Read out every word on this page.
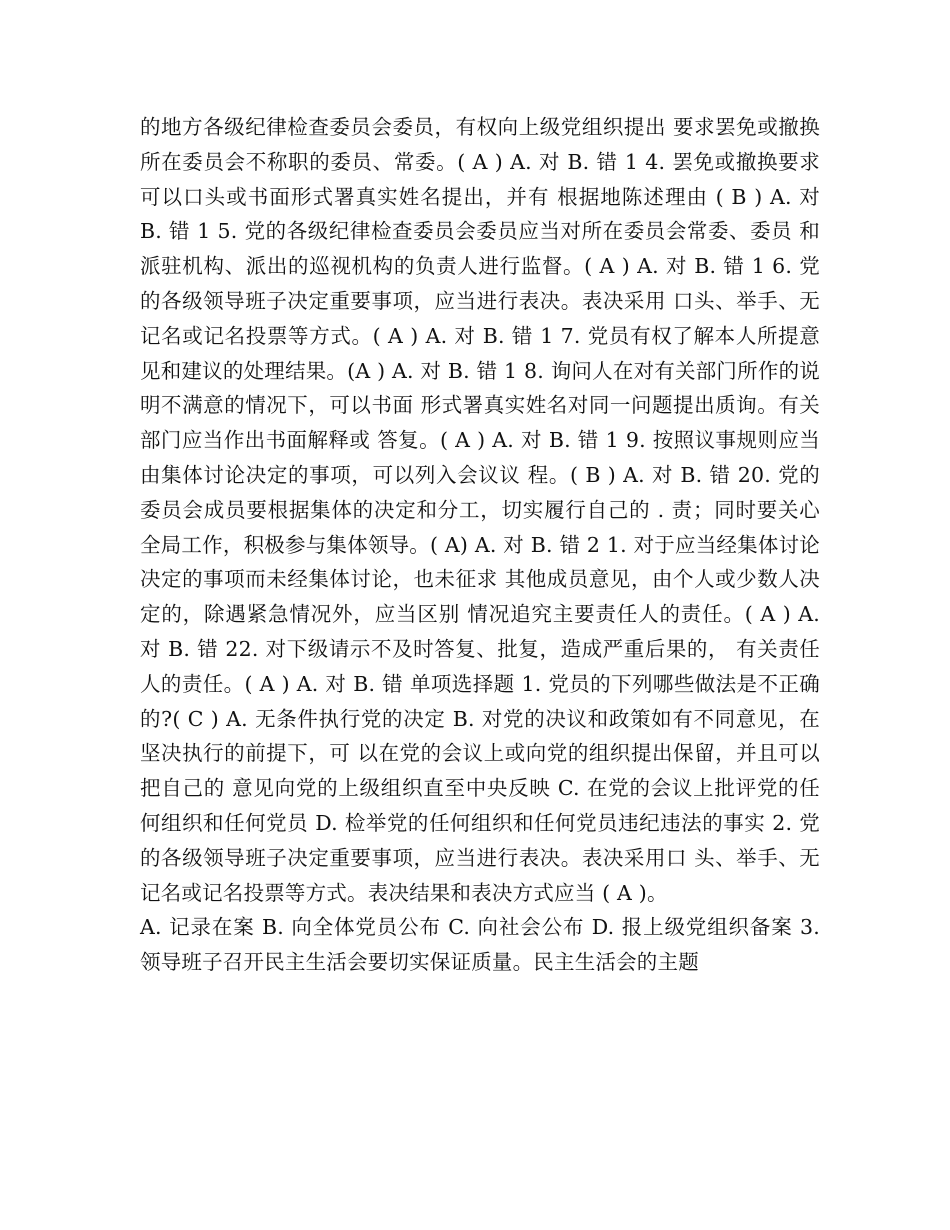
的地方各级纪律检查委员会委员，有权向上级党组织提出 要求罢免或撤换所在委员会不称职的委员、常委。( A ) A. 对 B. 错 1 4. 罢免或撤换要求可以口头或书面形式署真实姓名提出，并有 根据地陈述理由 ( B ) A. 对 B. 错 1 5. 党的各级纪律检查委员会委员应当对所在委员会常委、委员 和派驻机构、派出的巡视机构的负责人进行监督。( A ) A. 对 B. 错 1 6. 党的各级领导班子决定重要事项，应当进行表决。表决采用 口头、举手、无记名或记名投票等方式。( A ) A. 对 B. 错 1 7. 党员有权了解本人所提意见和建议的处理结果。(A ) A. 对 B. 错 1 8. 询问人在对有关部门所作的说明不满意的情况下，可以书面 形式署真实姓名对同一问题提出质询。有关部门应当作出书面解释或 答复。( A ) A. 对 B. 错 1 9. 按照议事规则应当由集体讨论决定的事项，可以列入会议议 程。( B ) A. 对 B. 错 20. 党的委员会成员要根据集体的决定和分工，切实履行自己的 . 责；同时要关心全局工作，积极参与集体领导。( A) A. 对 B. 错 2 1. 对于应当经集体讨论决定的事项而未经集体讨论，也未征求 其他成员意见，由个人或少数人决定的，除遇紧急情况外，应当区别 情况追究主要责任人的责任。( A ) A. 对 B. 错 22. 对下级请示不及时答复、批复，造成严重后果的， 有关责任人的责任。( A ) A. 对 B. 错 单项选择题 1. 党员的下列哪些做法是不正确的?( C ) A. 无条件执行党的决定 B. 对党的决议和政策如有不同意见，在坚决执行的前提下，可 以在党的会议上或向党的组织提出保留，并且可以把自己的 意见向党的上级组织直至中央反映 C. 在党的会议上批评党的任何组织和任何党员 D. 检举党的任何组织和任何党员违纪违法的事实 2. 党的各级领导班子决定重要事项，应当进行表决。表决采用口 头、举手、无记名或记名投票等方式。表决结果和表决方式应当 ( A )。

A. 记录在案 B. 向全体党员公布 C. 向社会公布 D. 报上级党组织备案 3. 领导班子召开民主生活会要切实保证质量。民主生活会的主题
